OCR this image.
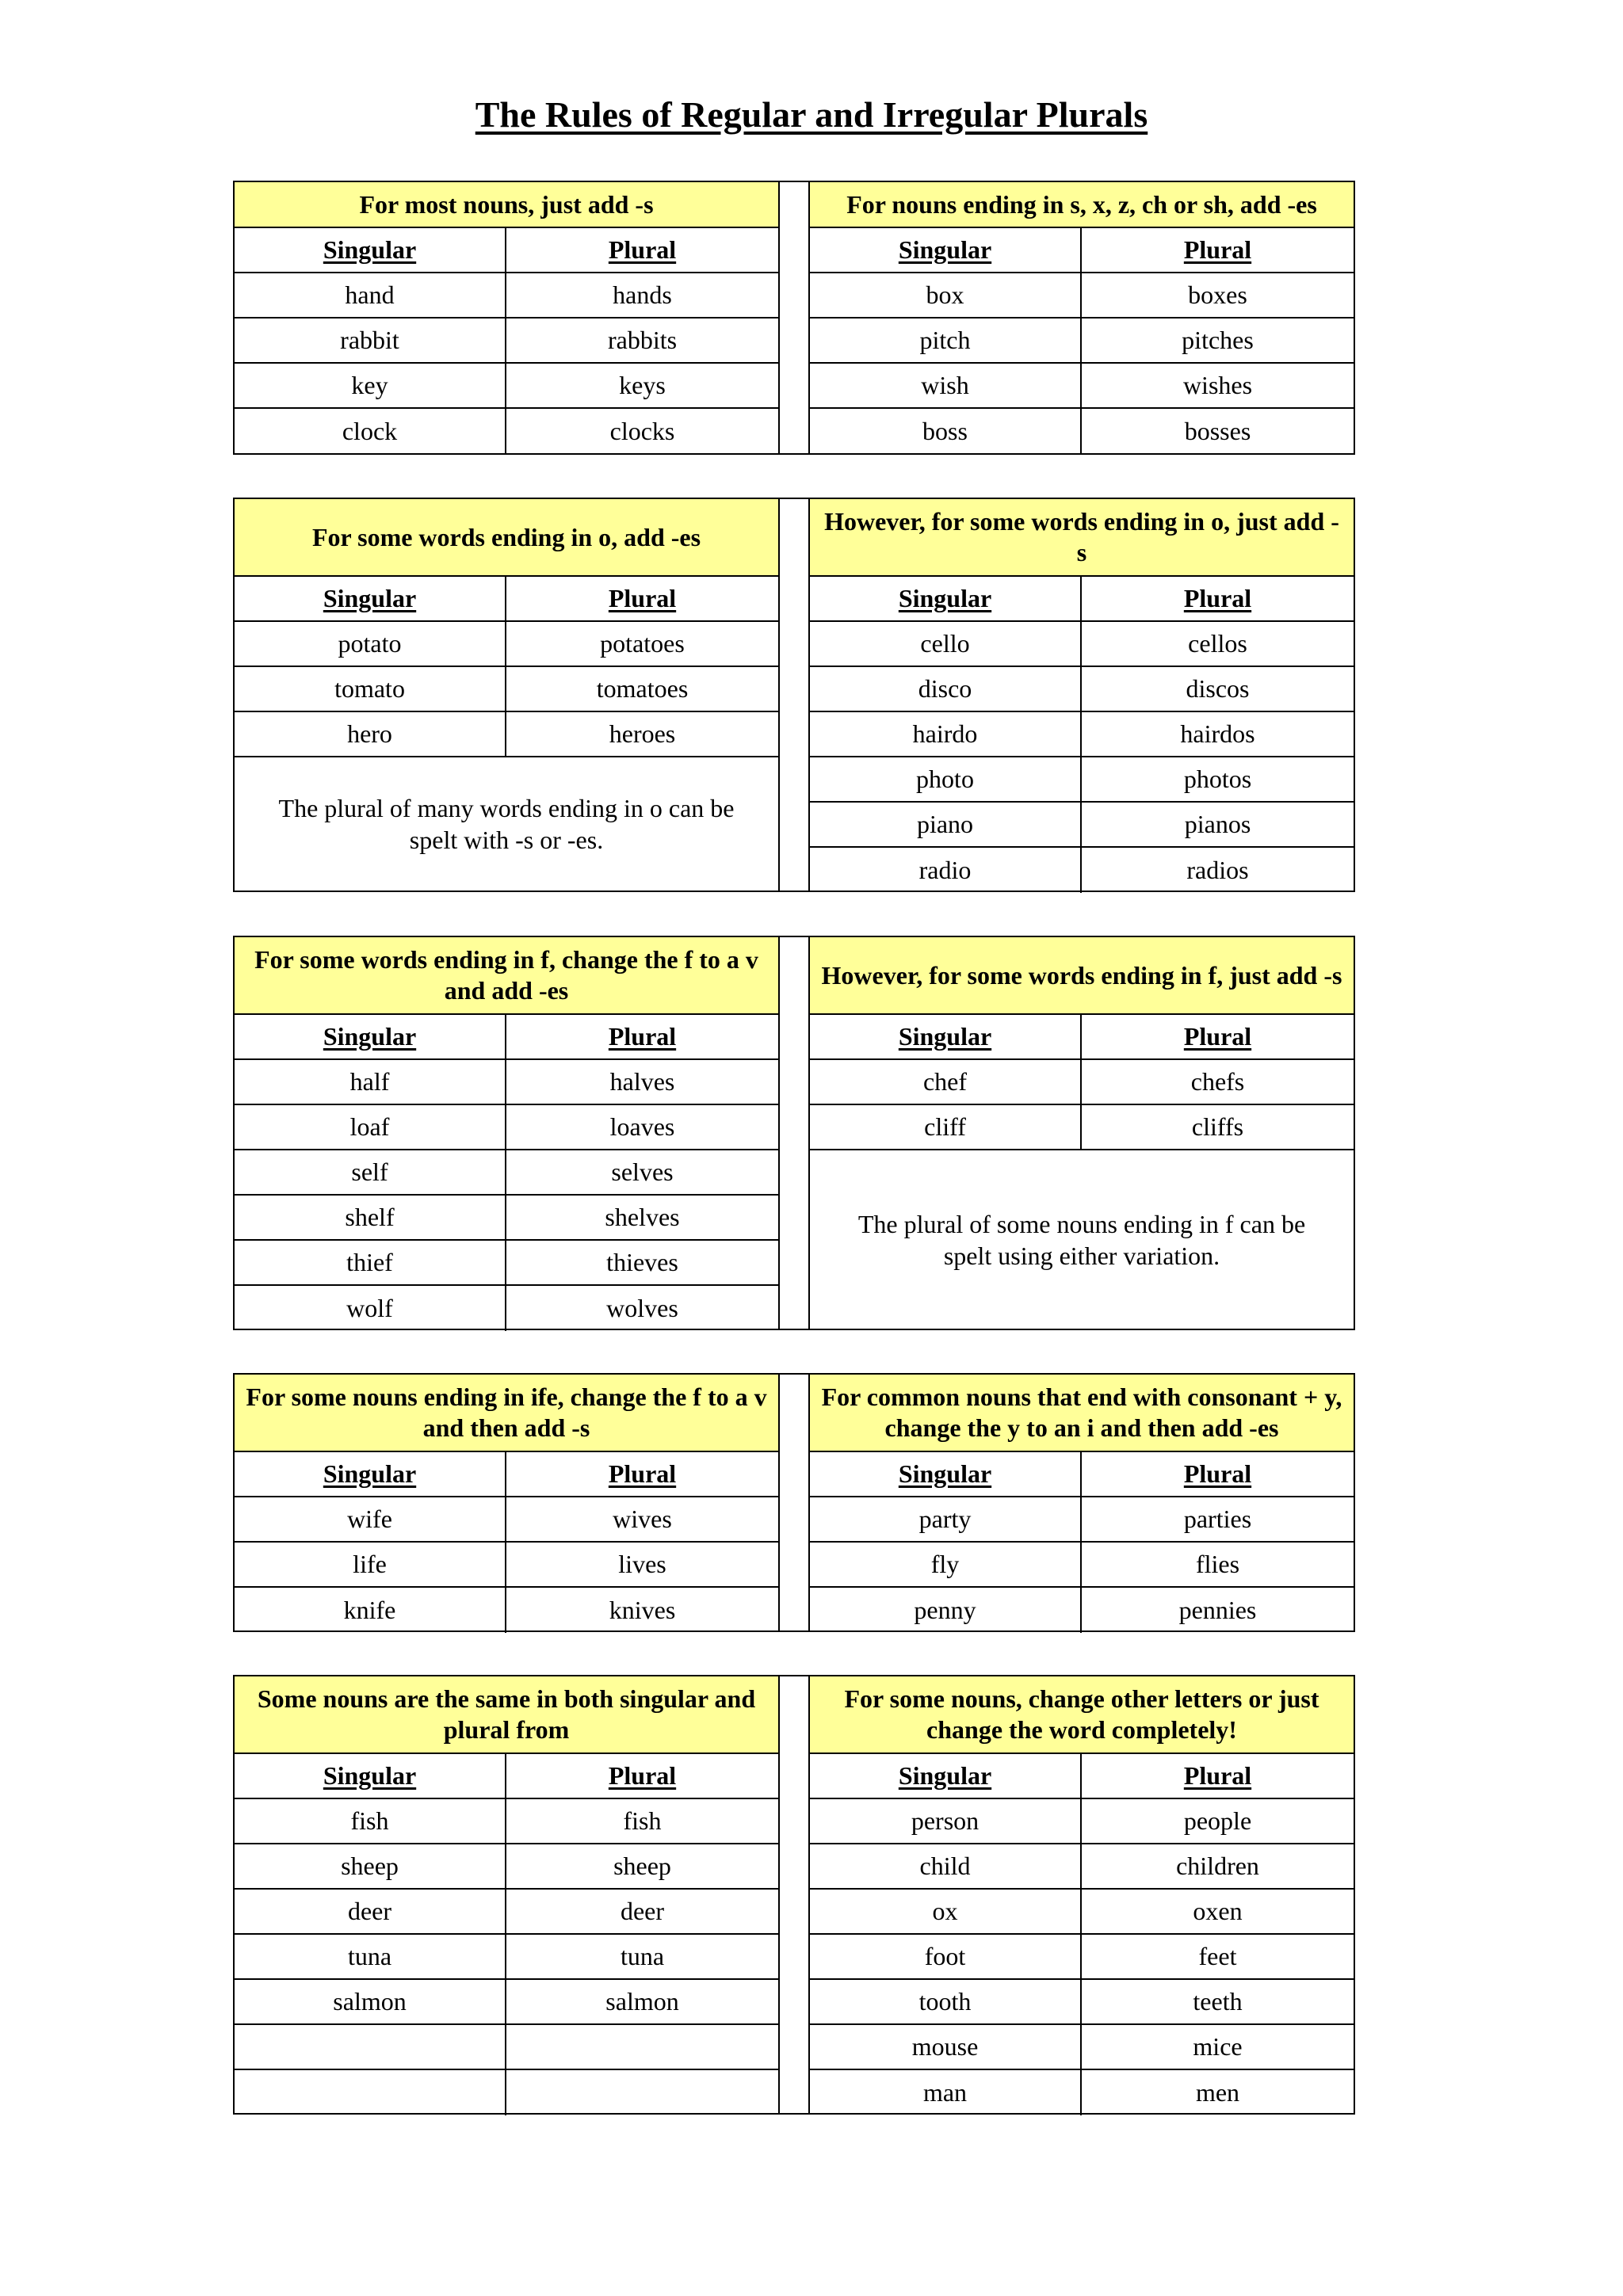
The Rules of Regular and Irregular Plurals
For most nouns, just add -s
Singular	Plural
hand	hands
rabbit	rabbits
key	keys
clock	clocks
For nouns ending in s, x, z, ch or sh, add -es
Singular	Plural
box	boxes
pitch	pitches
wish	wishes
boss	bosses
For some words ending in o, add -es
Singular	Plural
potato	potatoes
tomato	tomatoes
hero	heroes
The plural of many words ending in o can be spelt with -s or -es.
However, for some words ending in o, just add -s
Singular	Plural
cello	cellos
disco	discos
hairdo	hairdos
photo	photos
piano	pianos
radio	radios
For some words ending in f, change the f to a v and add -es
Singular	Plural
half	halves
loaf	loaves
self	selves
shelf	shelves
thief	thieves
wolf	wolves
However, for some words ending in f, just add -s
Singular	Plural
chef	chefs
cliff	cliffs
The plural of some nouns ending in f can be spelt using either variation.
For some nouns ending in ife, change the f to a v and then add -s
Singular	Plural
wife	wives
life	lives
knife	knives
For common nouns that end with consonant + y, change the y to an i and then add -es
Singular	Plural
party	parties
fly	flies
penny	pennies
Some nouns are the same in both singular and plural from
Singular	Plural
fish	fish
sheep	sheep
deer	deer
tuna	tuna
salmon	salmon
For some nouns, change other letters or just change the word completely!
Singular	Plural
person	people
child	children
ox	oxen
foot	feet
tooth	teeth
mouse	mice
man	men
